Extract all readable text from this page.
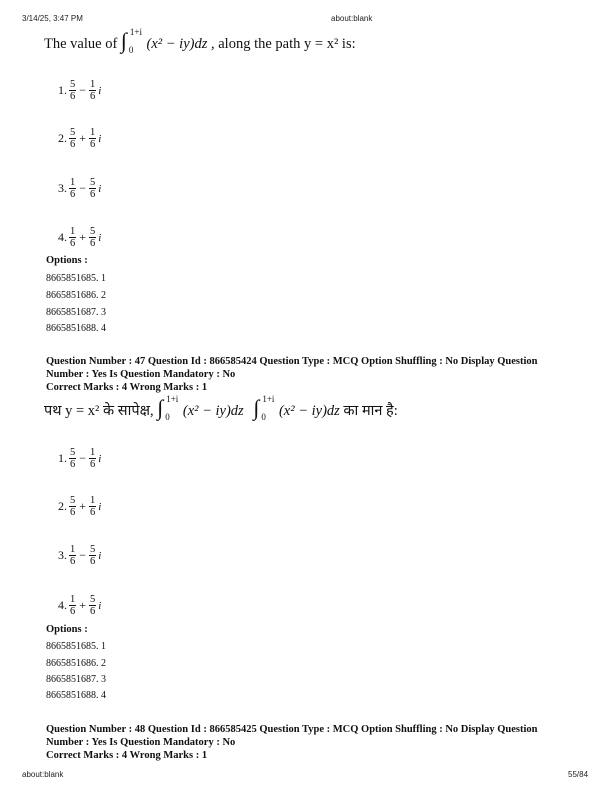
3/14/25, 3:47 PM	about:blank
The value of ∫ 1+i
0 (x² − iy)dz , along the path y = x² is:
1. $\frac{5}{6} - \frac{1}{6}$ i
2. $\frac{5}{6} + \frac{1}{6}$ i
3. $\frac{1}{6} - \frac{5}{6}$ i
4. $\frac{1}{6} + \frac{5}{6}$ i
Options :
8665851685. 1
8665851686. 2
8665851687. 3
8665851688. 4
Question Number : 47 Question Id : 866585424 Question Type : MCQ Option Shuffling : No Display Question
Number : Yes Is Question Mandatory : No
Correct Marks : 4 Wrong Marks : 1
पथ y = x² के सापेक्ष, ∫ 1+i
0 (x² − iy)dz ∫ 1+i
0 (x² − iy)dz का मान है:
1. $\frac{5}{6} - \frac{1}{6}$ i
2. $\frac{5}{6} + \frac{1}{6}$ i
3. $\frac{1}{6} - \frac{5}{6}$ i
4. $\frac{1}{6} + \frac{5}{6}$ i
Options :
8665851685. 1
8665851686. 2
8665851687. 3
8665851688. 4
Question Number : 48 Question Id : 866585425 Question Type : MCQ Option Shuffling : No Display Question
Number : Yes Is Question Mandatory : No
Correct Marks : 4 Wrong Marks : 1
about:blank	55/84
